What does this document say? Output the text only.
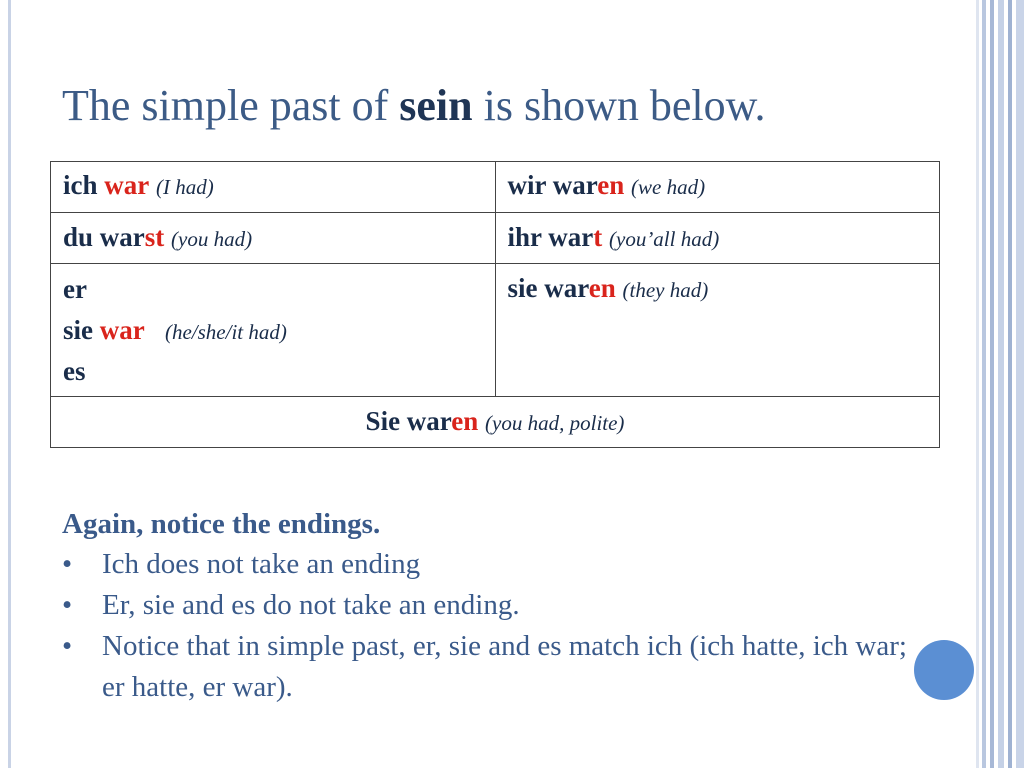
The simple past of sein is shown below.
ich war (I had)	wir waren (we had)

du warst (you had)	ihr wart (you’all had)

er
sie war (he/she/it had)
es	sie waren (they had)

Sie waren (you had, polite)	
Again, notice the endings.
• Ich does not take an ending
• Er, sie and es do not take an ending.
• Notice that in simple past, er, sie and es match ich (ich hatte, ich war; er hatte, er war).
